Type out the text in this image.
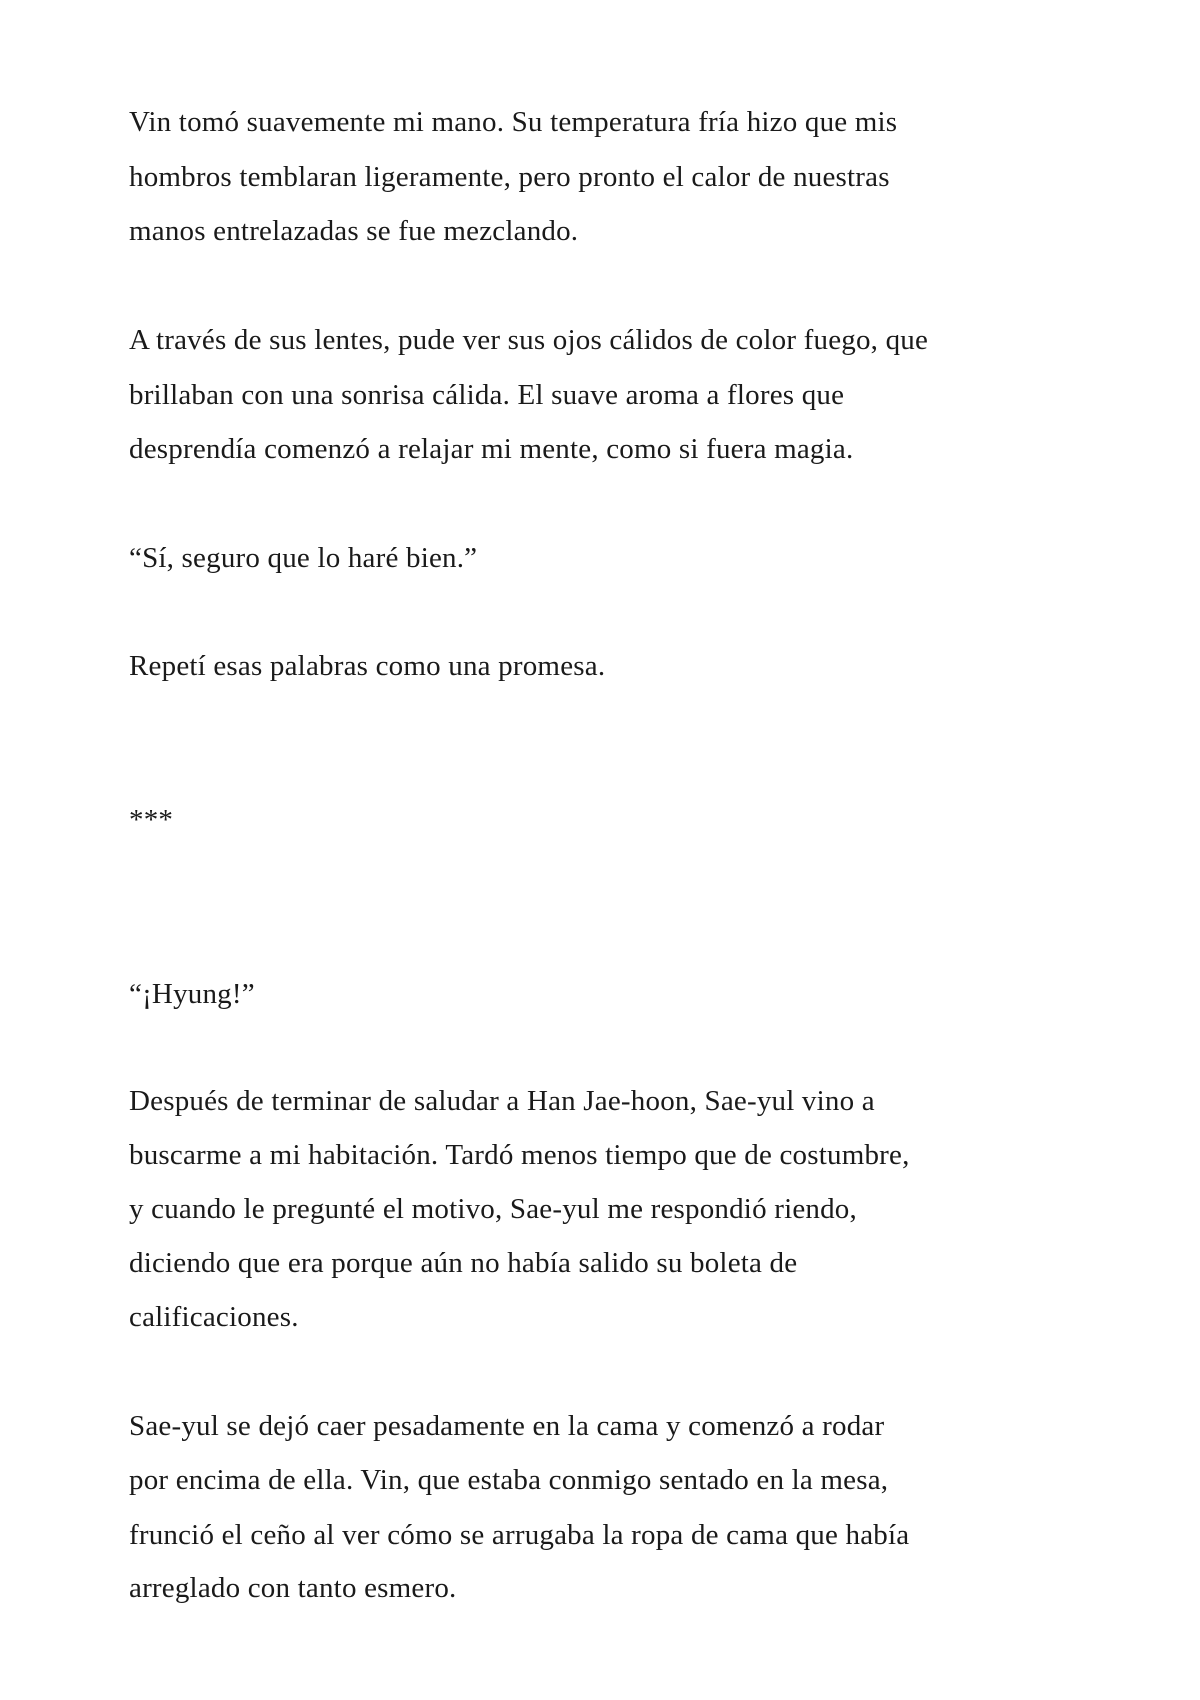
Vin tomó suavemente mi mano. Su temperatura fría hizo que mis
hombros temblaran ligeramente, pero pronto el calor de nuestras
manos entrelazadas se fue mezclando.
A través de sus lentes, pude ver sus ojos cálidos de color fuego, que
brillaban con una sonrisa cálida. El suave aroma a flores que
desprendía comenzó a relajar mi mente, como si fuera magia.
“Sí, seguro que lo haré bien.”
Repetí esas palabras como una promesa.
***
“¡Hyung!”
Después de terminar de saludar a Han Jae-hoon, Sae-yul vino a
buscarme a mi habitación. Tardó menos tiempo que de costumbre,
y cuando le pregunté el motivo, Sae-yul me respondió riendo,
diciendo que era porque aún no había salido su boleta de
calificaciones.
Sae-yul se dejó caer pesadamente en la cama y comenzó a rodar
por encima de ella. Vin, que estaba conmigo sentado en la mesa,
frunció el ceño al ver cómo se arrugaba la ropa de cama que había
arreglado con tanto esmero.
